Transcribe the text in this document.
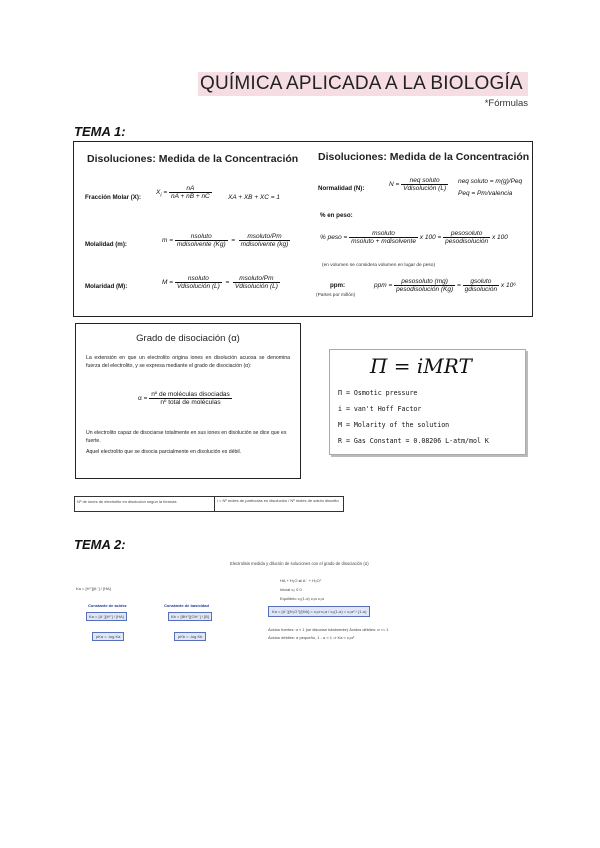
QUÍMICA APLICADA A LA BIOLOGÍA
*Fórmulas
TEMA 1:
Disoluciones: Medida de la Concentración
Fracción Molar (X):
$X_i = \frac{nA}{nA + nB + nC}$ XA + XB + XC = 1
Molalidad (m):
$m = \frac{\text{nsoluto}}{\text{mdisolvente (Kg)}} = \frac{\text{msoluto/Pm}}{\text{mdisolvente (kg)}}$
Molaridad (M):
$M = \frac{\text{nsoluto}}{\text{Vdisolución (L)}} = \frac{\text{msoluto/Pm}}{\text{Vdisolución (L)}}$
Disoluciones: Medida de la Concentración
Normalidad (N):
$N = \frac{\text{neq soluto}}{\text{Vdisolución (L)}}$ neq soluto = m(g)/Peq
Peq = Pm/valencia
% en peso:
% peso = $\frac{\text{msoluto}}{\text{msoluto + mdisolvente}}$ x $100 = \frac{\text{pesosoluto}}{\text{pesodisolución}}$ x 100
(en volumen se considera volumen en lugar de peso)
ppm:
(Partes por millón)
ppm = $\frac{\text{pesosoluto (mg)}}{\text{pesodisolución (Kg)}} = \frac{\text{gsoluto}}{\text{gdisolución}}$ x 10⁶
Grado de disociación (α)
La extensión en que un electrolito origina iones en disolución acuosa se denomina fuerza del electrolito, y se expresa mediante el grado de disociación (α):
$\alpha = \frac{\text{nº de moléculas disociadas}}{\text{nº total de moléculas}}$
Un electrolito capaz de disociarse totalmente en sus iones en disolución se dice que es fuerte.
Aquel electrolito que se disocia parcialmente en disolución es débil.
Π = iMRT
Π = Osmotic pressure
i = van't Hoff Factor
M = Molarity of the solution
R = Gas Constant = 0.08206 L-atm/mol K
Nº de iones de electrolito en disolución según la fórmula	i = Nº moles de partículas en disolución / Nº moles de soluto disuelto
TEMA 2:
Electrolisis medida y dilución de soluciones con el grado de disociación (α)
Ka = [H⁺][A⁻] / [HA]
Constante de acidez
Ka = [A⁻][H⁺] / [HA]
pKa = -log Ka
Constante de basicidad
Kb = [BH⁺][OH⁻] / [B]
pKb = -log Kb
HA + H₂O ⇌ A⁻ + H₃O⁺
Inicial c₀ 0 0
Equilibrio c₀(1-α) c₀α c₀α
Ka = [A⁻][H₃O⁺]/[HA] = c₀α·c₀α / c₀(1-α) = c₀α² / (1-α)
Ácidos fuertes: α ≈ 1 (se disocian totalmente) Ácidos débiles: α << 1
Ácidos débiles: α pequeño, 1 - α ≈ 1 ⇒ Ka ≈ c₀α²
